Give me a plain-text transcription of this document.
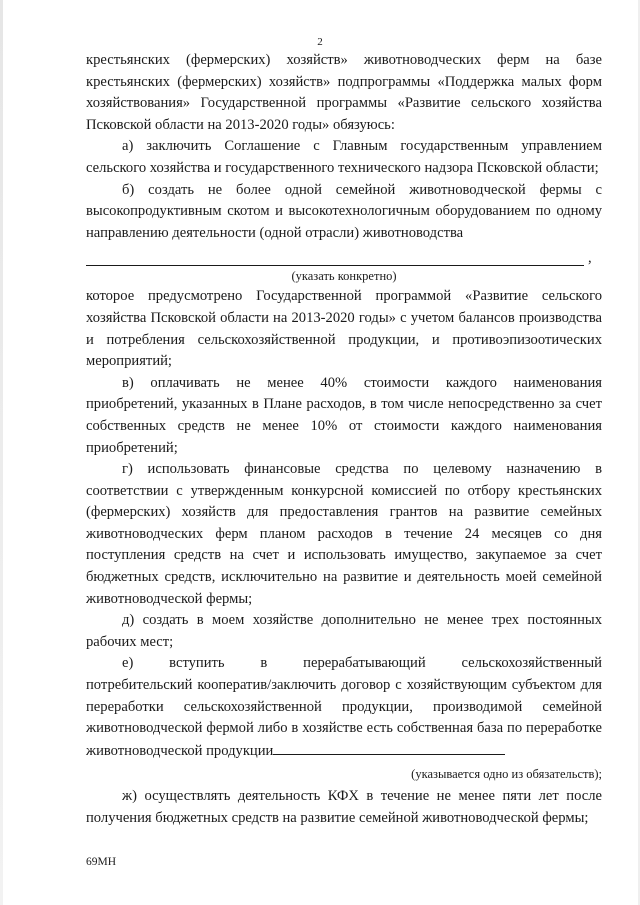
2

крестьянских (фермерских) хозяйств» животноводческих ферм на базе крестьянских (фермерских) хозяйств» подпрограммы «Поддержка малых форм хозяйствования» Государственной программы «Развитие сельского хозяйства Псковской области на 2013-2020 годы» обязуюсь:

а) заключить Соглашение с Главным государственным управлением сельского хозяйства и государственного технического надзора Псковской области;

б) создать не более одной семейной животноводческой фермы с высокопродуктивным скотом и высокотехнологичным оборудованием по одному направлению деятельности (одной отрасли) животноводства

,
(указать конкретно)

которое предусмотрено Государственной программой «Развитие сельского хозяйства Псковской области на 2013-2020 годы» с учетом балансов производства и потребления сельскохозяйственной продукции, и противоэпизоотических мероприятий;

в) оплачивать не менее 40% стоимости каждого наименования приобретений, указанных в Плане расходов, в том числе непосредственно за счет собственных средств не менее 10% от стоимости каждого наименования приобретений;

г) использовать финансовые средства по целевому назначению в соответствии с утвержденным конкурсной комиссией по отбору крестьянских (фермерских) хозяйств для предоставления грантов на развитие семейных животноводческих ферм планом расходов в течение 24 месяцев со дня поступления средств на счет и использовать имущество, закупаемое за счет бюджетных средств, исключительно на развитие и деятельность моей семейной животноводческой фермы;

д) создать в моем хозяйстве дополнительно не менее трех постоянных рабочих мест;

е) вступить в перерабатывающий сельскохозяйственный

потребительский кооператив/заключить договор с хозяйствующим субъектом для переработки сельскохозяйственной продукции, производимой семейной животноводческой фермой либо в хозяйстве есть собственная база по переработке животноводческой продукции

(указывается одно из обязательств);

ж) осуществлять деятельность КФХ в течение не менее пяти лет после получения бюджетных средств на развитие семейной животноводческой фермы;

69МН
